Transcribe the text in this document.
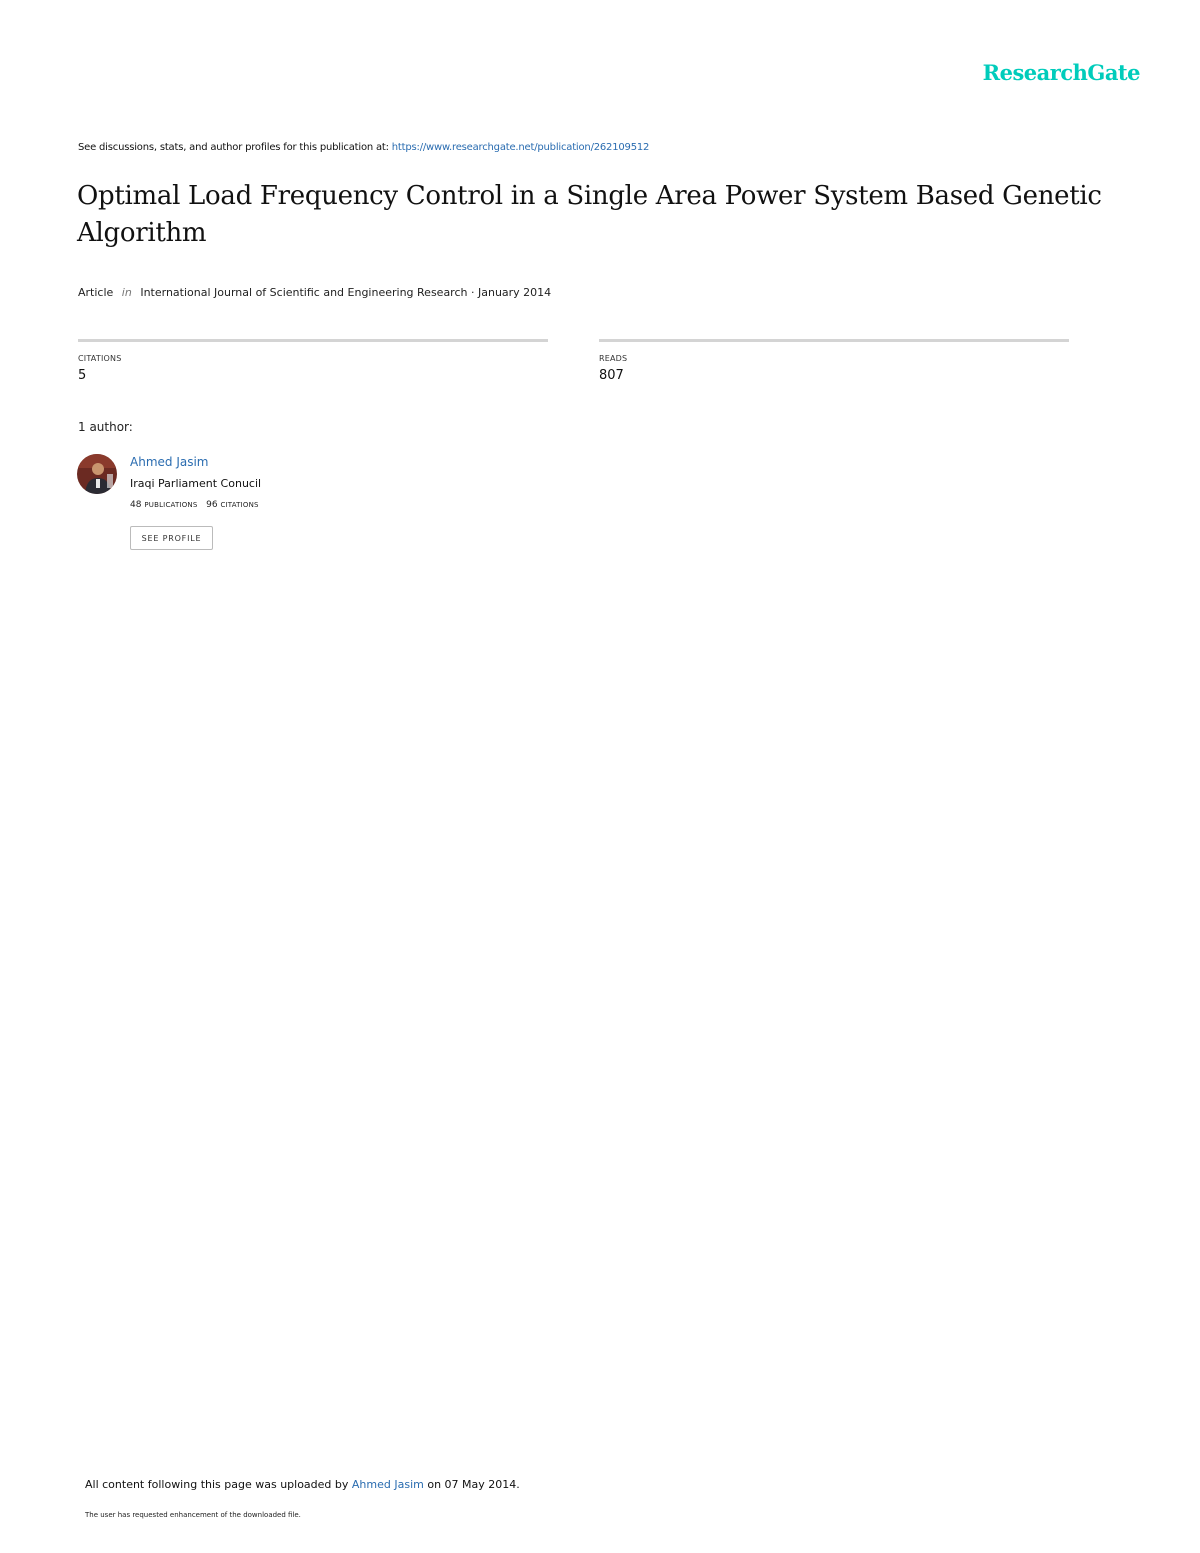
ResearchGate
See discussions, stats, and author profiles for this publication at: https://www.researchgate.net/publication/262109512
Optimal Load Frequency Control in a Single Area Power System Based Genetic Algorithm
Article in International Journal of Scientific and Engineering Research · January 2014
CITATIONS
5
READS
807
1 author:
Ahmed Jasim
Iraqi Parliament Conucil
48 PUBLICATIONS 96 CITATIONS
SEE PROFILE
All content following this page was uploaded by Ahmed Jasim on 07 May 2014.
The user has requested enhancement of the downloaded file.
